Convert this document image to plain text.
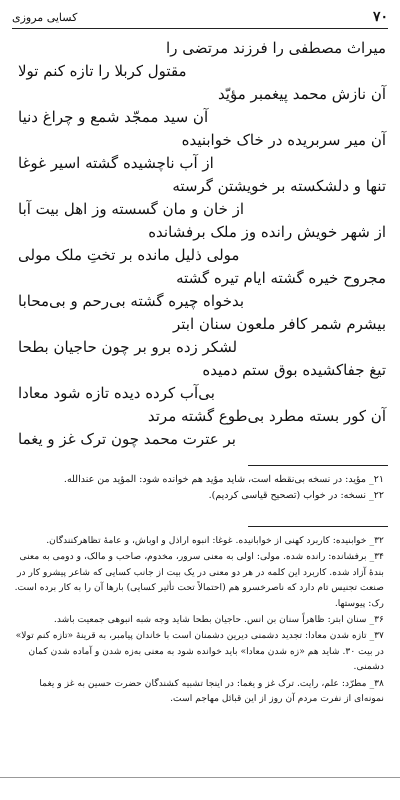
۷۰
کسایی مروزی
میراث مصطفی را فرزند مرتضی را
مقتول کربلا را تازه کنم تولا
آن نازش محمد پیغمبر مؤیّد
آن سید ممجّد شمع و چراغ دنیا
آن میر سربریده در خاک خوابنیده
از آب ناچشیده گشته اسیر غوغا
تنها و دلشکسته بر خویشتن گرسته
از خان و مان گسسته وز اهل بیت آبا
از شهر خویش رانده وز ملک برفشانده
مولی ذلیل مانده بر تختِ ملک مولی
مجروح خیره گشته ایام تیره گشته
بدخواه چیره گشته بی‌رحم و بی‌محابا
بیشرم شمر کافر ملعون سنان ابتر
لشکر زده برو بر چون حاجیان بطحا
تیغ جفاکشیده بوق ستم دمیده
بی‌آب کرده دیده تازه شود معادا
آن کور بسته مطرد بی‌طوع گشته مرتد
بر عترت محمد چون ترک غز و یغما
۲۱_ مؤید: در نسخه بی‌نقطه است، شاید مؤید هم خوانده شود: المؤید من عندالله.
۲۲_ نسخه: در خواب (تصحیح قیاسی کردیم).

۳۲_ خوابنیده: کاربرد کهنی از خوابانیده. غوغا: انبوه اراذل و اوباش، و عامهٔ تظاهرکنندگان.

۳۴_ برفشانده: رانده شده. مولی: اولی به معنی سرور، مخدوم، صاحب و مالک، و دومی به معنی بندهٔ آزاد شده. کاربرد این کلمه در هر دو معنی در یک بیت از جانب کسایی که شاعر پیشرو کار در صنعت تجنیس تام دارد که ناصرخسرو هم (احتمالاً تحت تأثیر کسایی) بارها آن را به کار برده است. رک: پیوستها.

۳۶_ سنان ابتر: ظاهراً سنان بن انس. حاجیان بطحا شاید وجه شبه انبوهی جمعیت باشد.

۳۷_ تازه شدن معادا: تجدید دشمنی دیرین دشمنان است با خاندان پیامبر، به قرینهٔ «تازه کنم تولا» در بیت ۳۰. شاید هم «زه شدن معادا» باید خوانده شود به معنی به‌زه شدن و آماده شدن کمان دشمنی.

۳۸_ مطرّد: علم، رایت. ترک غز و یغما: در اینجا تشبیه کشندگان حضرت حسین به غز و یغما نمونه‌ای از نفرت مردم آن روز از این قبائل مهاجم است.
